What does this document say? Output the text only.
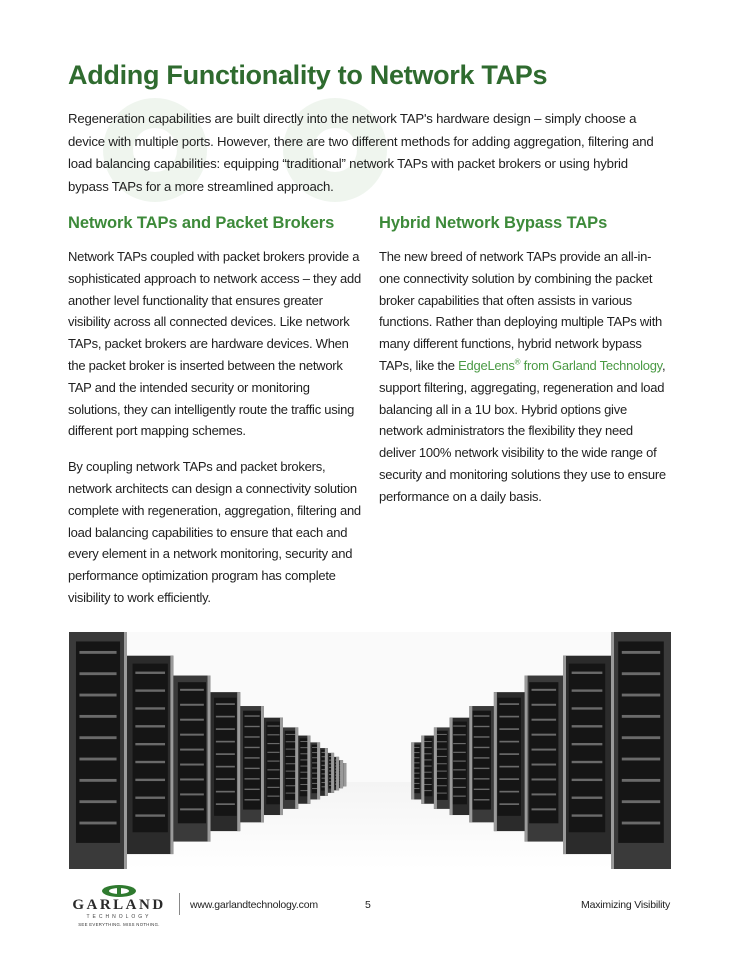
Adding Functionality to Network TAPs

Regeneration capabilities are built directly into the network TAP's hardware design – simply choose a device with multiple ports. However, there are two different methods for adding aggregation, filtering and load balancing capabilities: equipping “traditional” network TAPs with packet brokers or using hybrid bypass TAPs for a more streamlined approach.

Network TAPs and Packet Brokers

Network TAPs coupled with packet brokers provide a sophisticated approach to network access – they add another level functionality that ensures greater visibility across all connected devices. Like network TAPs, packet brokers are hardware devices. When the packet broker is inserted between the network TAP and the intended security or monitoring solutions, they can intelligently route the traffic using different port mapping schemes.

By coupling network TAPs and packet brokers, network architects can design a connectivity solution complete with regeneration, aggregation, filtering and load balancing capabilities to ensure that each and every element in a network monitoring, security and performance optimization program has complete visibility to work efficiently.

Hybrid Network Bypass TAPs

The new breed of network TAPs provide an all-in-one connectivity solution by combining the packet broker capabilities that often assists in various functions. Rather than deploying multiple TAPs with many different functions, hybrid network bypass TAPs, like the EdgeLens® from Garland Technology, support filtering, aggregating, regeneration and load balancing all in a 1U box. Hybrid options give network administrators the flexibility they need deliver 100% network visibility to the wide range of security and monitoring solutions they use to ensure performance on a daily basis.

GARLAND
TECHNOLOGY
SEE EVERYTHING. MISS NOTHING.
www.garlandtechnology.com	5	Maximizing Visibility
